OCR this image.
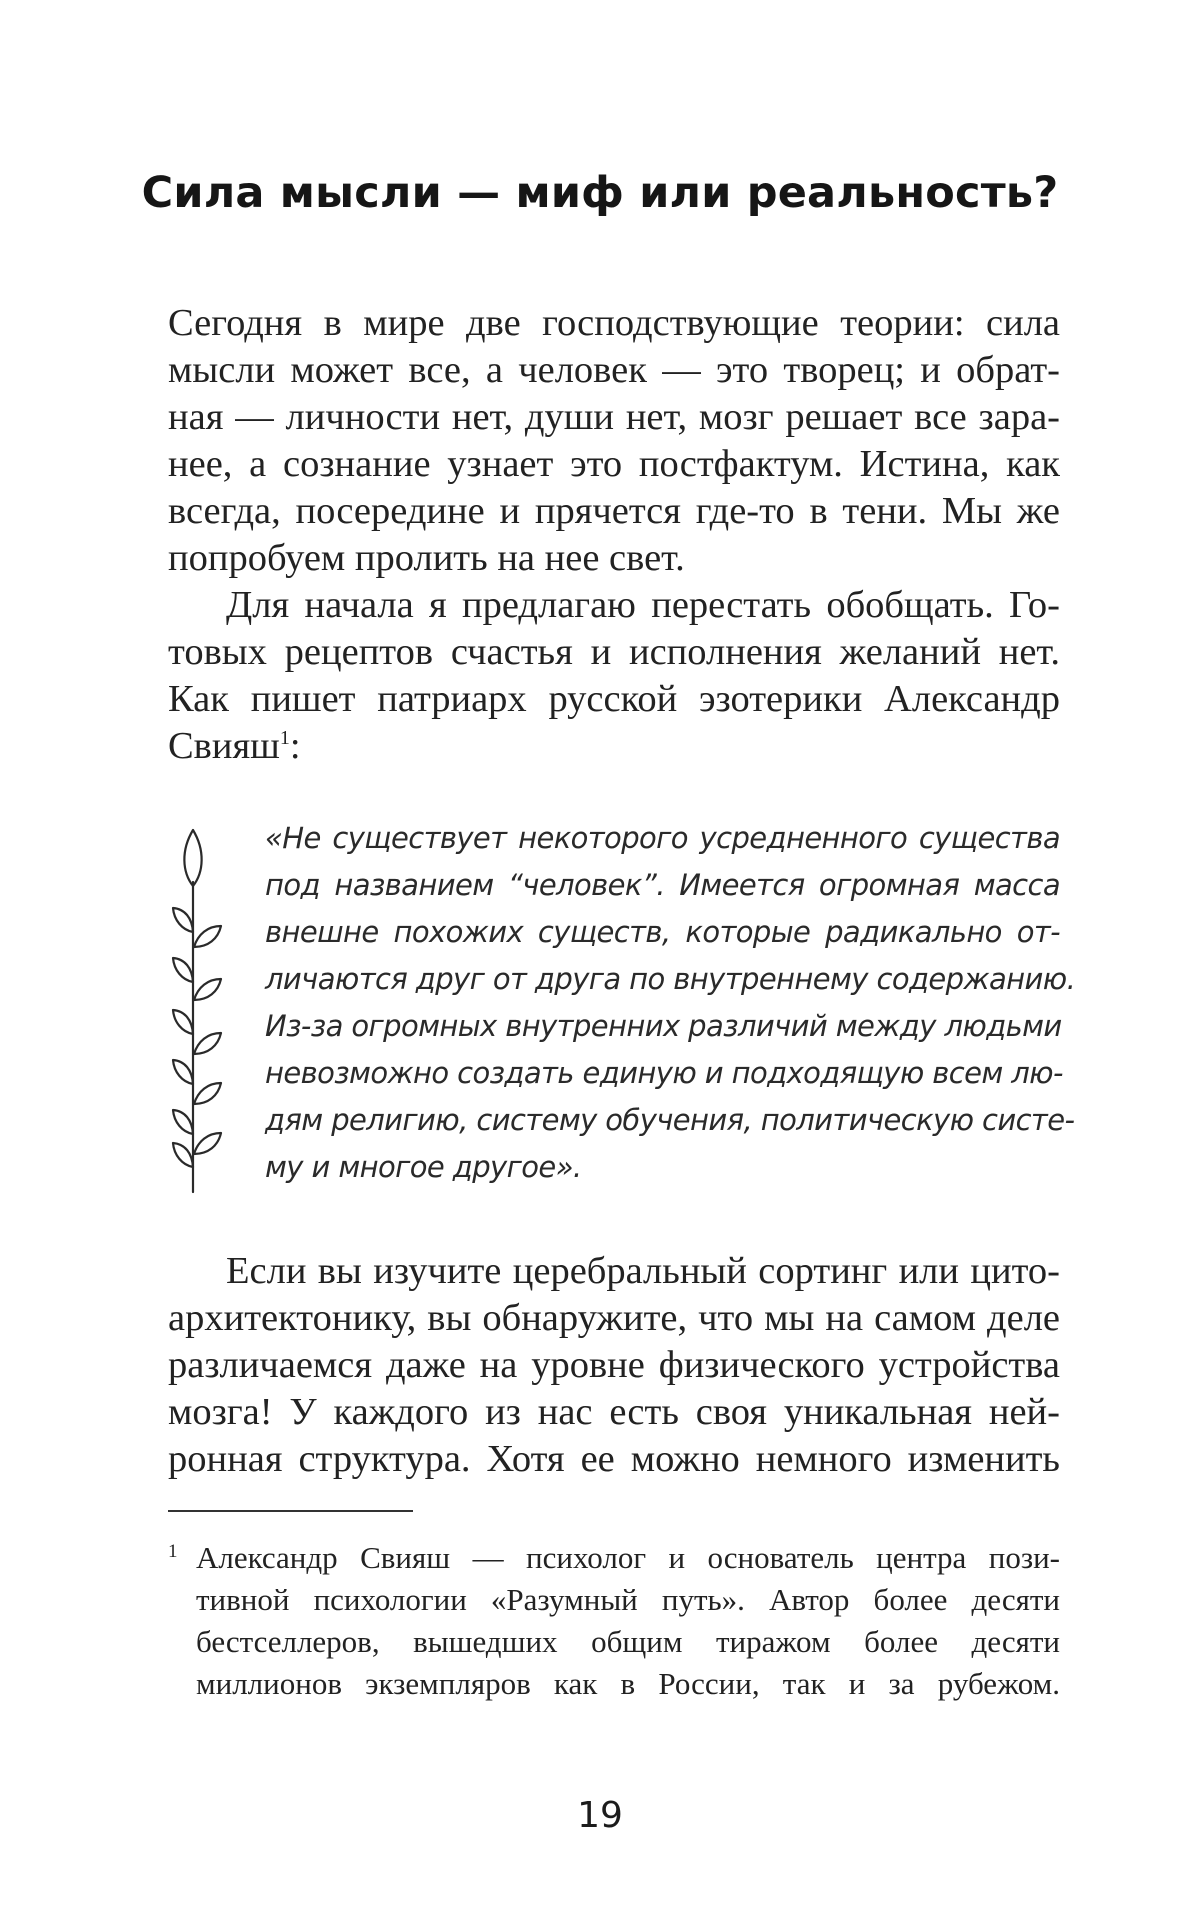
Сила мысли — миф или реальность?
Сегодня в мире две господствующие теории: сила
мысли может все, а человек — это творец; и обрат-
ная — личности нет, души нет, мозг решает все зара-
нее, а сознание узнает это постфактум. Истина, как
всегда, посередине и прячется где-то в тени. Мы же
попробуем пролить на нее свет.
Для начала я предлагаю перестать обобщать. Го-
товых рецептов счастья и исполнения желаний нет.
Как пишет патриарх русской эзотерики Александр
Свияш$^1$:
«Не существует некоторого усредненного существа
под названием “человек”. Имеется огромная масса
внешне похожих существ, которые радикально от-
личаются друг от друга по внутреннему содержанию.
Из-за огромных внутренних различий между людьми
невозможно создать единую и подходящую всем лю-
дям религию, систему обучения, политическую систе-
му и многое другое».
Если вы изучите церебральный сортинг или цито-
архитектонику, вы обнаружите, что мы на самом деле
различаемся даже на уровне физического устройства
мозга! У каждого из нас есть своя уникальная ней-
ронная структура. Хотя ее можно немного изменить
1 Александр Свияш — психолог и основатель центра пози-
тивной психологии «Разумный путь». Автор более десяти
бестселлеров, вышедших общим тиражом более десяти
миллионов экземпляров как в России, так и за рубежом.
19
